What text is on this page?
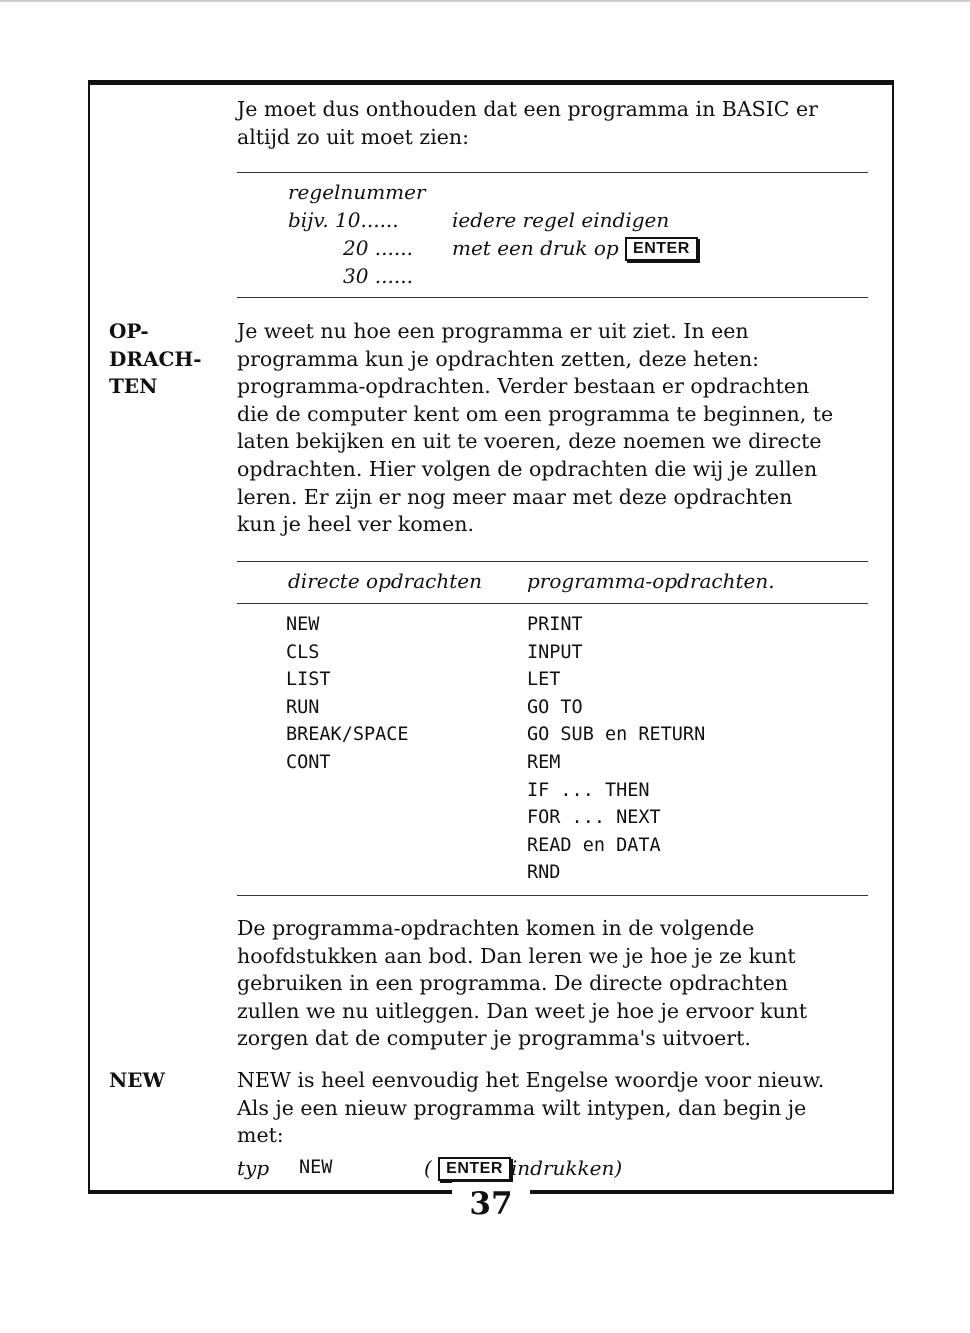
Je moet dus onthouden dat een programma in BASIC er

altijd zo uit moet zien:

regelnummer
bijv. 10......
20 ......
30 ......
iedere regel eindigen
met een druk op ENTER

OP-

DRACH-

TEN

Je weet nu hoe een programma er uit ziet. In een

programma kun je opdrachten zetten, deze heten:

programma-opdrachten. Verder bestaan er opdrachten

die de computer kent om een programma te beginnen, te

laten bekijken en uit te voeren, deze noemen we directe

opdrachten. Hier volgen de opdrachten die wij je zullen

leren. Er zijn er nog meer maar met deze opdrachten

kun je heel ver komen.

directe opdrachten programma-opdrachten.
NEW
CLS
LIST
RUN
BREAK/SPACE
CONT
PRINT
INPUT
LET
GO TO
GO SUB en RETURN
REM
IF ... THEN
FOR ... NEXT
READ en DATA
RND

De programma-opdrachten komen in de volgende

hoofdstukken aan bod. Dan leren we je hoe je ze kunt

gebruiken in een programma. De directe opdrachten

zullen we nu uitleggen. Dan weet je hoe je ervoor kunt

zorgen dat de computer je programma's uitvoert.

NEW	NEW is heel eenvoudig het Engelse woordje voor nieuw.

Als je een nieuw programma wilt intypen, dan begin je

met:

typ NEW	( ENTER indrukken)
37
